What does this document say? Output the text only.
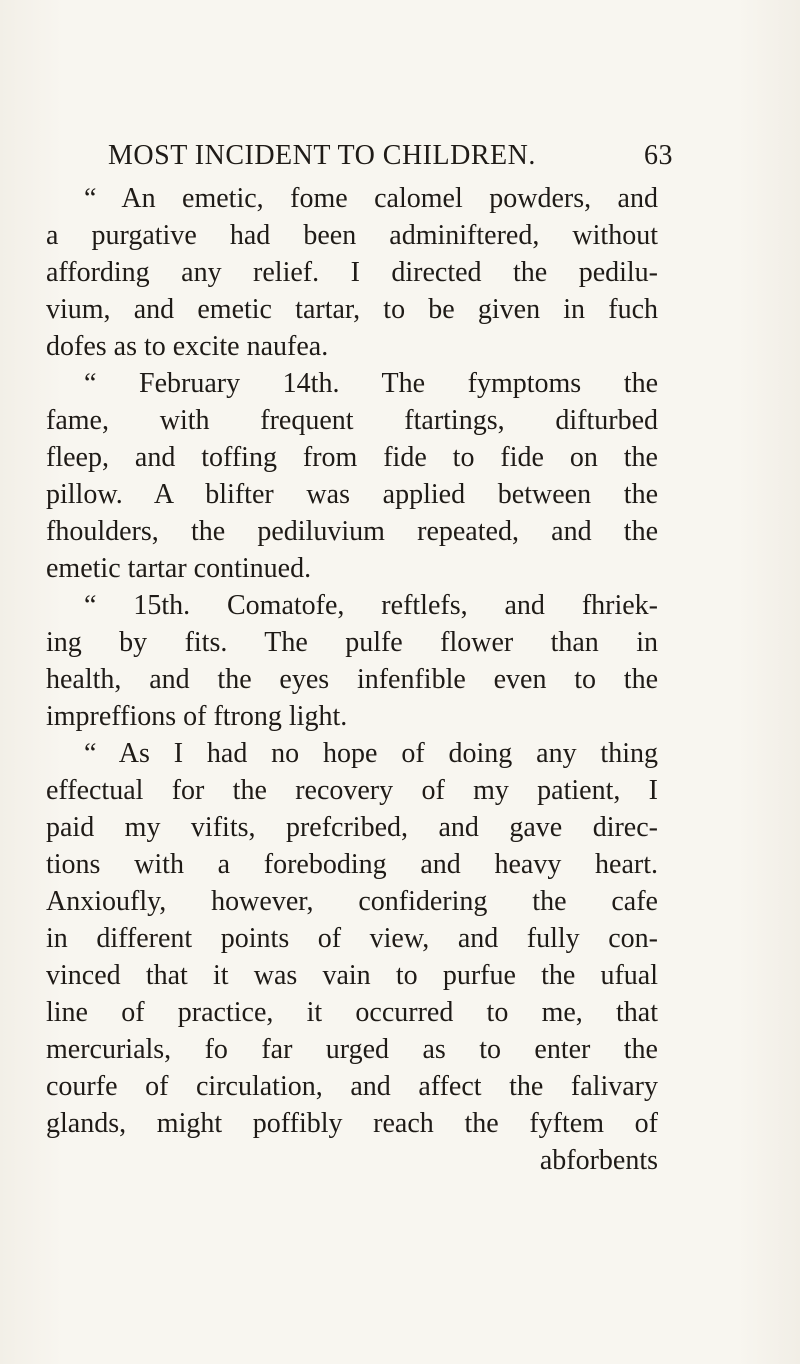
MOST INCIDENT TO CHILDREN.	63
“ An emetic, fome calomel powders, and
a purgative had been adminiftered, without
affording any relief. I directed the pedilu-
vium, and emetic tartar, to be given in fuch
dofes as to excite naufea.
“ February 14th. The fymptoms the
fame, with frequent ftartings, difturbed
fleep, and toffing from fide to fide on the
pillow. A blifter was applied between the
fhoulders, the pediluvium repeated, and the
emetic tartar continued.
“ 15th. Comatofe, reftlefs, and fhriek-
ing by fits. The pulfe flower than in
health, and the eyes infenfible even to the
impreffions of ftrong light.
“ As I had no hope of doing any thing
effectual for the recovery of my patient, I
paid my vifits, prefcribed, and gave direc-
tions with a foreboding and heavy heart.
Anxioufly, however, confidering the cafe
in different points of view, and fully con-
vinced that it was vain to purfue the ufual
line of practice, it occurred to me, that
mercurials, fo far urged as to enter the
courfe of circulation, and affect the falivary
glands, might poffibly reach the fyftem of
abforbents
